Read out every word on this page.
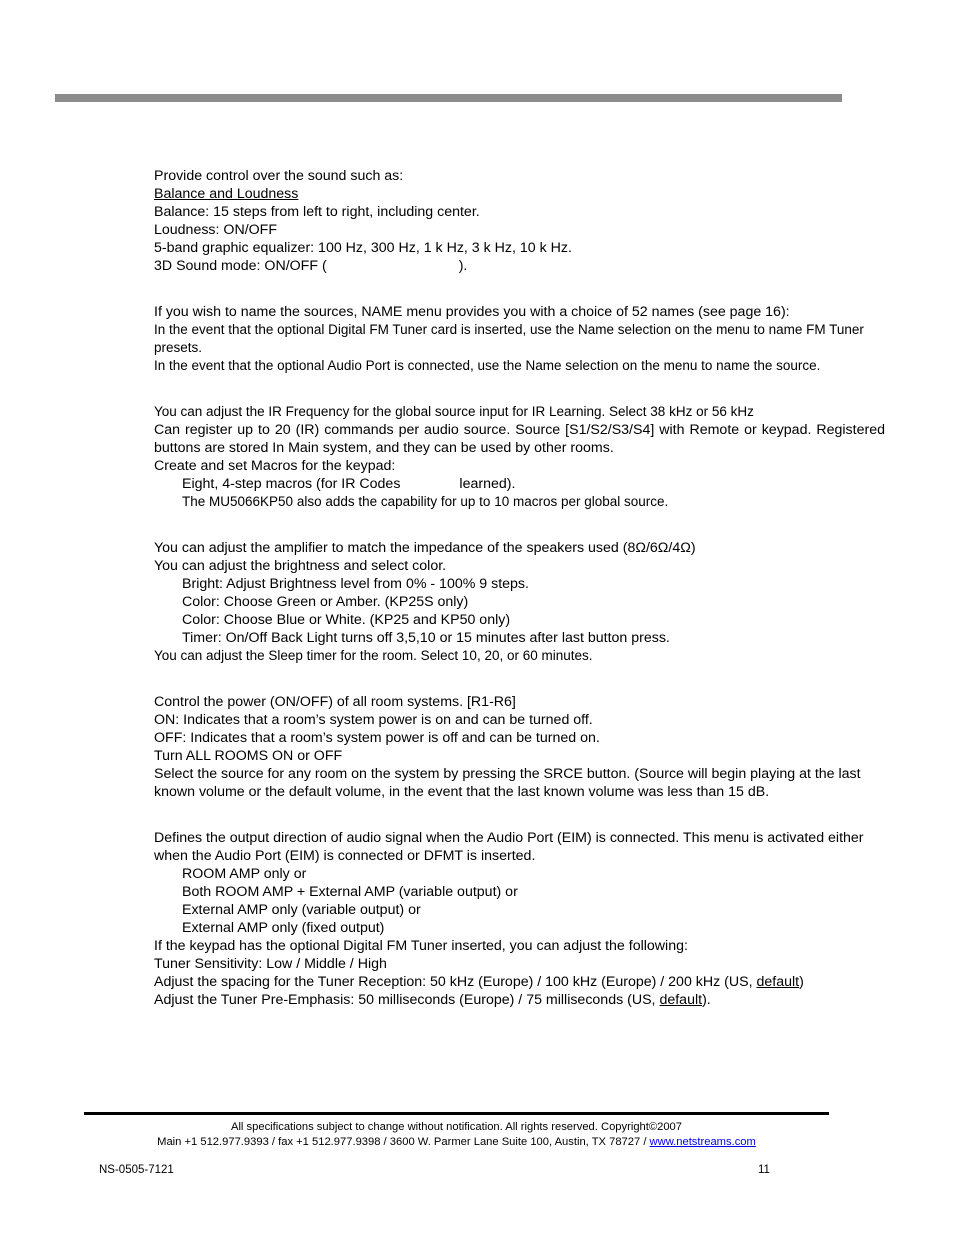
Provide control over the sound such as:
Balance and Loudness
Balance: 15 steps from left to right, including center.
Loudness: ON/OFF
5-band graphic equalizer: 100 Hz, 300 Hz, 1 k Hz, 3 k Hz, 10 k Hz.
3D Sound mode: ON/OFF (	).
If you wish to name the sources, NAME menu provides you with a choice of 52 names (see page 16):
In the event that the optional Digital FM Tuner card is inserted, use the Name selection on the menu to name FM Tuner presets.
In the event that the optional Audio Port is connected, use the Name selection on the menu to name the source.
You can adjust the IR Frequency for the global source input for IR Learning. Select 38 kHz or 56 kHz
Can register up to 20 (IR) commands per audio source. Source [S1/S2/S3/S4] with Remote or keypad. Registered buttons are stored In Main system, and they can be used by other rooms.
Create and set Macros for the keypad:
Eight, 4-step macros (for IR Codes	learned).
The MU5066KP50 also adds the capability for up to 10 macros per global source.
You can adjust the amplifier to match the impedance of the speakers used (8Ω/6Ω/4Ω)
You can adjust the brightness and select color.
Bright: Adjust Brightness level from 0% - 100% 9 steps.
Color: Choose Green or Amber. (KP25S only)
Color: Choose Blue or White. (KP25 and KP50 only)
Timer: On/Off Back Light turns off 3,5,10 or 15 minutes after last button press.
You can adjust the Sleep timer for the room. Select 10, 20, or 60 minutes.
Control the power (ON/OFF) of all room systems. [R1-R6]
ON: Indicates that a room’s system power is on and can be turned off.
OFF: Indicates that a room’s system power is off and can be turned on.
Turn ALL ROOMS ON or OFF
Select the source for any room on the system by pressing the SRCE button. (Source will begin playing at the last known volume or the default volume, in the event that the last known volume was less than 15 dB.
Defines the output direction of audio signal when the Audio Port (EIM) is connected. This menu is activated either when the Audio Port (EIM) is connected or DFMT is inserted.
ROOM AMP only or
Both ROOM AMP + External AMP (variable output) or
External AMP only (variable output) or
External AMP only (fixed output)
If the keypad has the optional Digital FM Tuner inserted, you can adjust the following:
Tuner Sensitivity: Low / Middle / High
Adjust the spacing for the Tuner Reception: 50 kHz (Europe) / 100 kHz (Europe) / 200 kHz (US, default)
Adjust the Tuner Pre-Emphasis: 50 milliseconds (Europe) / 75 milliseconds (US, default).
All specifications subject to change without notification. All rights reserved. Copyright©2007
Main +1 512.977.9393 / fax +1 512.977.9398 / 3600 W. Parmer Lane Suite 100, Austin, TX 78727 / www.netstreams.com
NS-0505-7121	11
